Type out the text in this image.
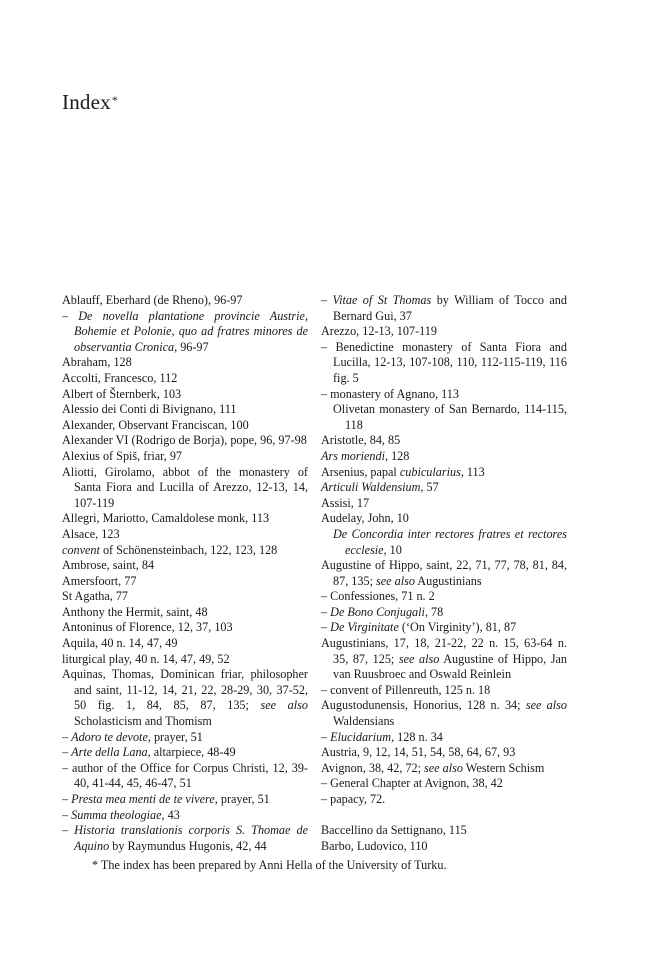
Index*
Ablauff, Eberhard (de Rheno), 96-97
– De novella plantatione provincie Austrie, Bohemie et Polonie, quo ad fratres minores de observantia Cronica, 96-97
Abraham, 128
Accolti, Francesco, 112
Albert of Šternberk, 103
Alessio dei Conti di Bivignano, 111
Alexander, Observant Franciscan, 100
Alexander VI (Rodrigo de Borja), pope, 96, 97-98
Alexius of Spiš, friar, 97
Aliotti, Girolamo, abbot of the monastery of Santa Fiora and Lucilla of Arezzo, 12-13, 14, 107-119
Allegri, Mariotto, Camaldolese monk, 113
Alsace, 123
convent of Schönensteinbach, 122, 123, 128
Ambrose, saint, 84
Amersfoort, 77
St Agatha, 77
Anthony the Hermit, saint, 48
Antoninus of Florence, 12, 37, 103
Aquila, 40 n. 14, 47, 49
liturgical play, 40 n. 14, 47, 49, 52
Aquinas, Thomas, Dominican friar, philosopher and saint, 11-12, 14, 21, 22, 28-29, 30, 37-52, 50 fig. 1, 84, 85, 87, 135; see also Scholasticism and Thomism
– Adoro te devote, prayer, 51
– Arte della Lana, altarpiece, 48-49
– author of the Office for Corpus Christi, 12, 39-40, 41-44, 45, 46-47, 51
– Presta mea menti de te vivere, prayer, 51
– Summa theologiae, 43
– Historia translationis corporis S. Thomae de Aquino by Raymundus Hugonis, 42, 44
– Vitae of St Thomas by William of Tocco and Bernard Gui, 37
Arezzo, 12-13, 107-119
– Benedictine monastery of Santa Fiora and Lucilla, 12-13, 107-108, 110, 112-115-119, 116 fig. 5
– monastery of Agnano, 113
Olivetan monastery of San Bernardo, 114-115, 118
Aristotle, 84, 85
Ars moriendi, 128
Arsenius, papal cubicularius, 113
Articuli Waldensium, 57
Assisi, 17
Audelay, John, 10
De Concordia inter rectores fratres et rectores ecclesie, 10
Augustine of Hippo, saint, 22, 71, 77, 78, 81, 84, 87, 135; see also Augustinians
– Confessiones, 71 n. 2
– De Bono Conjugali, 78
– De Virginitate (‘On Virginity’), 81, 87
Augustinians, 17, 18, 21-22, 22 n. 15, 63-64 n. 35, 87, 125; see also Augustine of Hippo, Jan van Ruusbroec and Oswald Reinlein
– convent of Pillenreuth, 125 n. 18
Augustodunensis, Honorius, 128 n. 34; see also Waldensians
– Elucidarium, 128 n. 34
Austria, 9, 12, 14, 51, 54, 58, 64, 67, 93
Avignon, 38, 42, 72; see also Western Schism
– General Chapter at Avignon, 38, 42
– papacy, 72.
Baccellino da Settignano, 115
Barbo, Ludovico, 110
* The index has been prepared by Anni Hella of the University of Turku.
